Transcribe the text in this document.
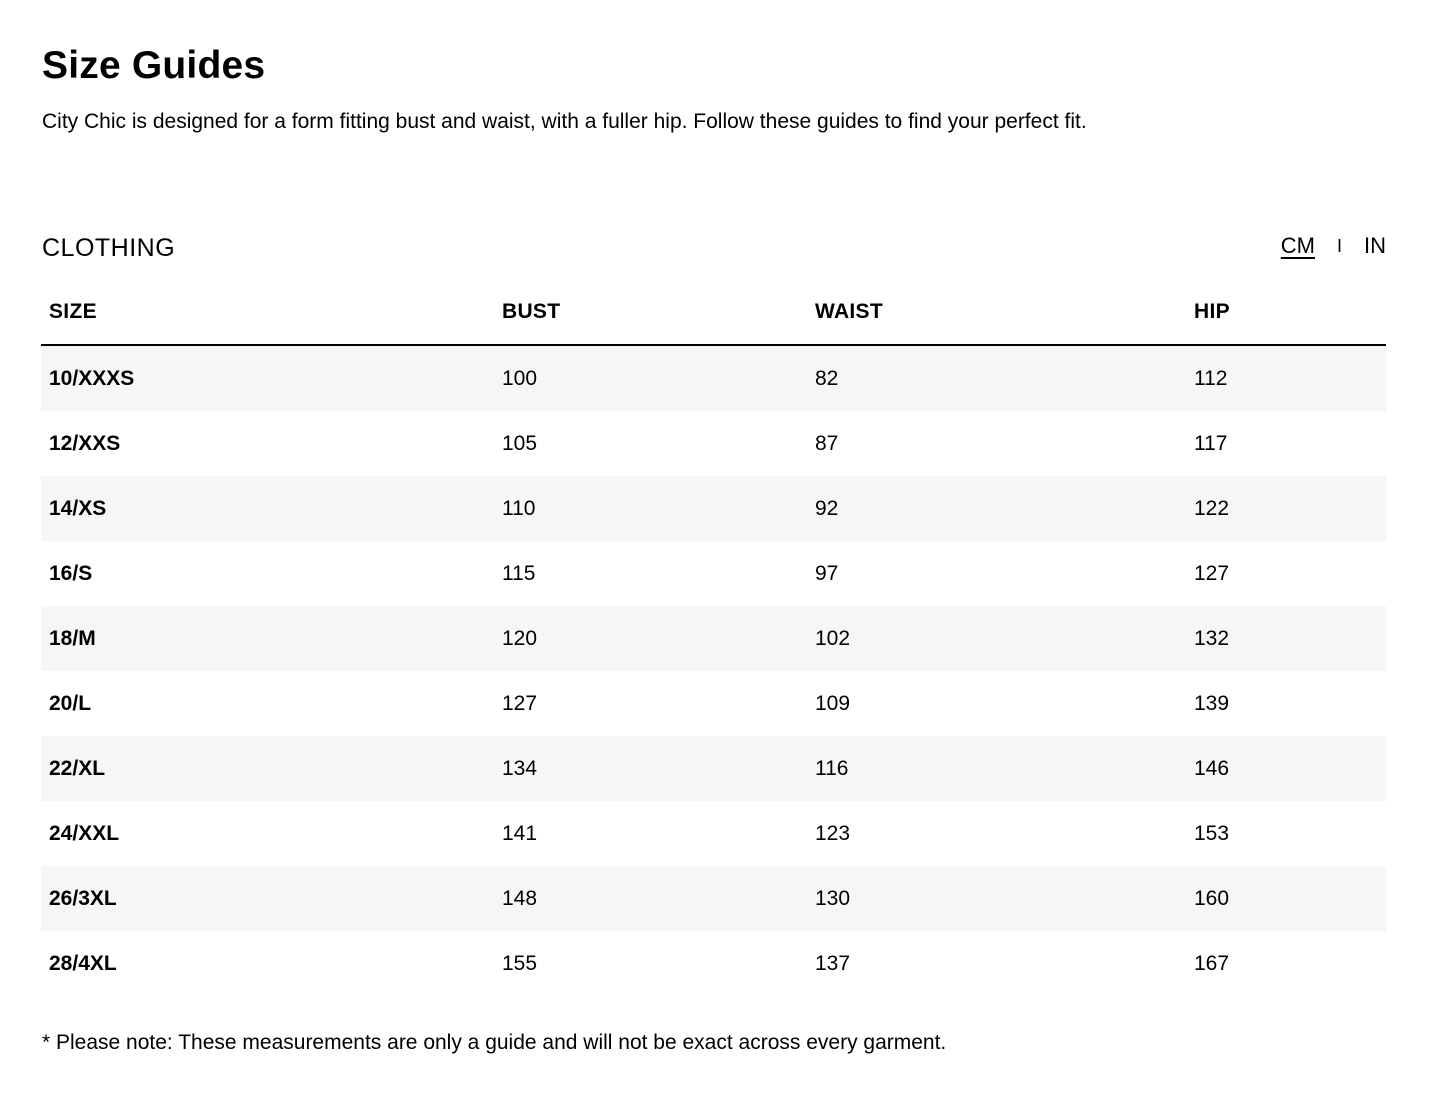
Size Guides

City Chic is designed for a form fitting bust and waist, with a fuller hip. Follow these guides to find your perfect fit.

CLOTHING	CM I IN
SIZE	BUST	WAIST	HIP
10/XXXS	100	82	112
12/XXS	105	87	117
14/XS	110	92	122
16/S	115	97	127
18/M	120	102	132
20/L	127	109	139
22/XL	134	116	146
24/XXL	141	123	153
26/3XL	148	130	160
28/4XL	155	137	167

* Please note: These measurements are only a guide and will not be exact across every garment.
